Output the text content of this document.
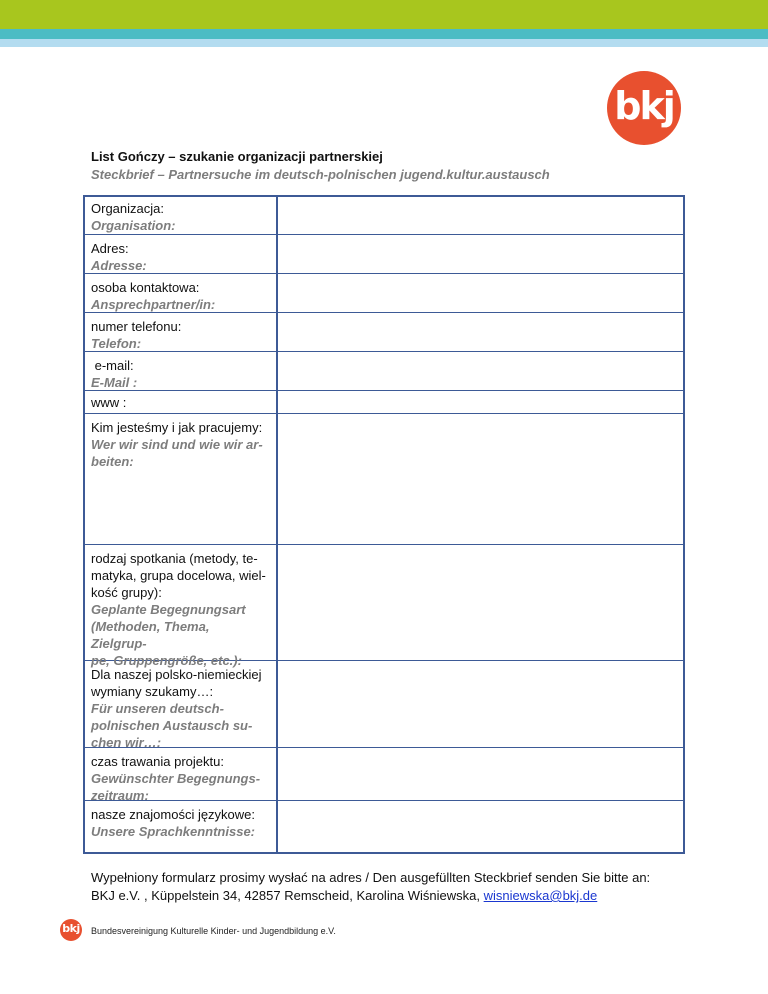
bkj
List Gończy – szukanie organizacji partnerskiej
Steckbrief – Partnersuche im deutsch-polnischen jugend.kultur.austausch
Organizacja:
Organisation:
Adres:
Adresse:
osoba kontaktowa:
Ansprechpartner/in:
numer telefonu:
Telefon:
e-mail:
E-Mail :
www :
Kim jesteśmy i jak pracujemy:
Wer wir sind und wie wir ar-
beiten:
rodzaj spotkania (metody, te-
matyka, grupa docelowa, wiel-
kość grupy):
Geplante Begegnungsart
(Methoden, Thema, Zielgrup-
pe, Gruppengröße, etc.):
Dla naszej polsko-niemieckiej
wymiany szukamy…:
Für unseren deutsch-
polnischen Austausch su-
chen wir…:
czas trawania projektu:
Gewünschter Begegnungs-
zeitraum:
nasze znajomości językowe:
Unsere Sprachkenntnisse:
Wypełniony formularz prosimy wysłać na adres / Den ausgefüllten Steckbrief senden Sie bitte an:
BKJ e.V. , Küppelstein 34, 42857 Remscheid, Karolina Wiśniewska, wisniewska@bkj.de
bkj Bundesvereinigung Kulturelle Kinder- und Jugendbildung e.V.
